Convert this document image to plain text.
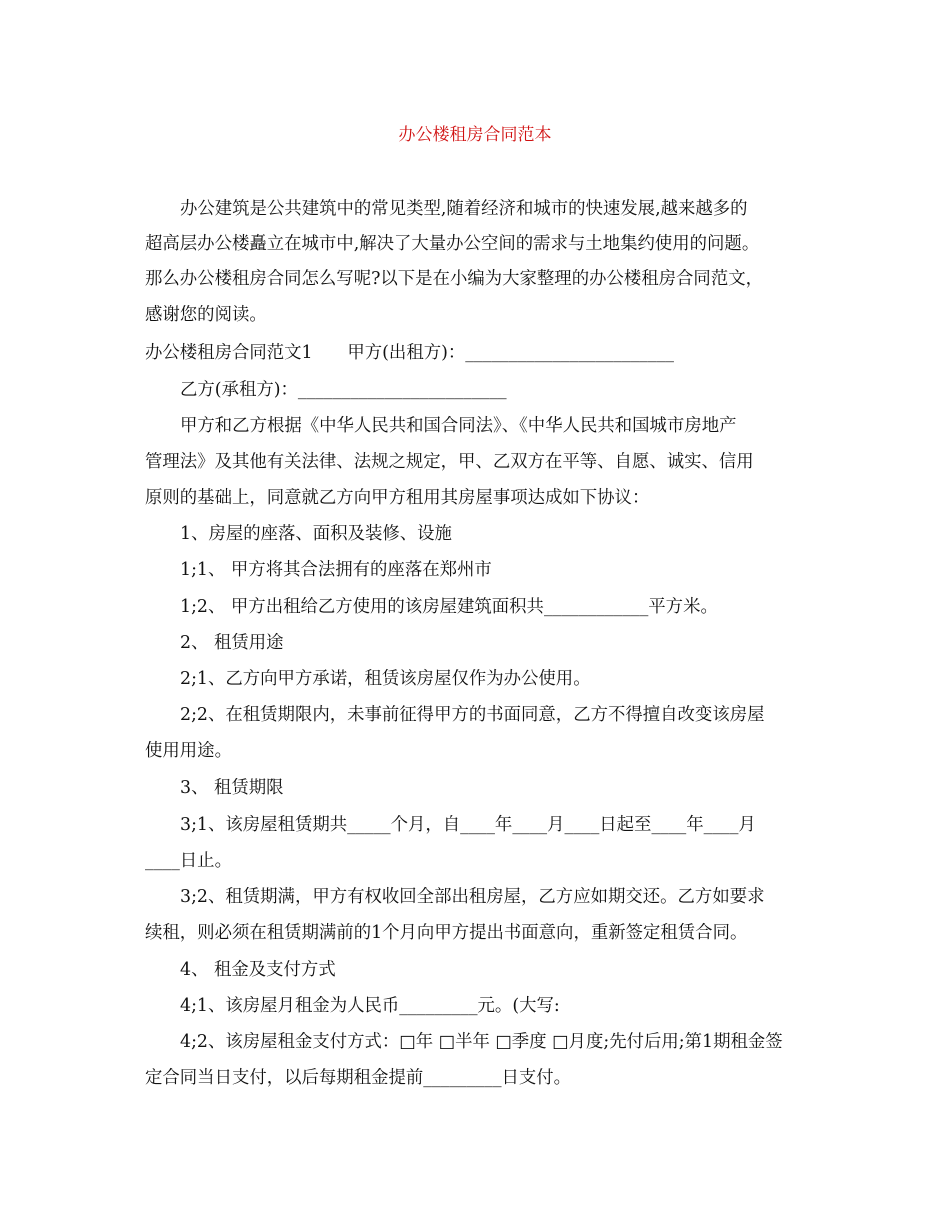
办公楼租房合同范本
办公建筑是公共建筑中的常见类型,随着经济和城市的快速发展,越来越多的
超高层办公楼矗立在城市中,解决了大量办公空间的需求与土地集约使用的问题。
那么办公楼租房合同怎么写呢?以下是在小编为大家整理的办公楼租房合同范文，
感谢您的阅读。
办公楼租房合同范文1　　甲方(出租方)：________________________
乙方(承租方)：________________________
甲方和乙方根据《中华人民共和国合同法》、《中华人民共和国城市房地产
管理法》及其他有关法律、法规之规定，甲、乙双方在平等、自愿、诚实、信用
原则的基础上，同意就乙方向甲方租用其房屋事项达成如下协议：
1、房屋的座落、面积及装修、设施
1;1、 甲方将其合法拥有的座落在郑州市
1;2、 甲方出租给乙方使用的该房屋建筑面积共____________平方米。
2、 租赁用途
2;1、乙方向甲方承诺，租赁该房屋仅作为办公使用。
2;2、在租赁期限内，未事前征得甲方的书面同意，乙方不得擅自改变该房屋
使用用途。
3、 租赁期限
3;1、该房屋租赁期共_____个月，自____年____月____日起至____年____月
____日止。
3;2、租赁期满，甲方有权收回全部出租房屋，乙方应如期交还。乙方如要求
续租，则必须在租赁期满前的1个月向甲方提出书面意向，重新签定租赁合同。
4、 租金及支付方式
4;1、该房屋月租金为人民币_________元。(大写:
4;2、该房屋租金支付方式：□年 □半年 □季度 □月度;先付后用;第1期租金签
定合同当日支付，以后每期租金提前_________日支付。
